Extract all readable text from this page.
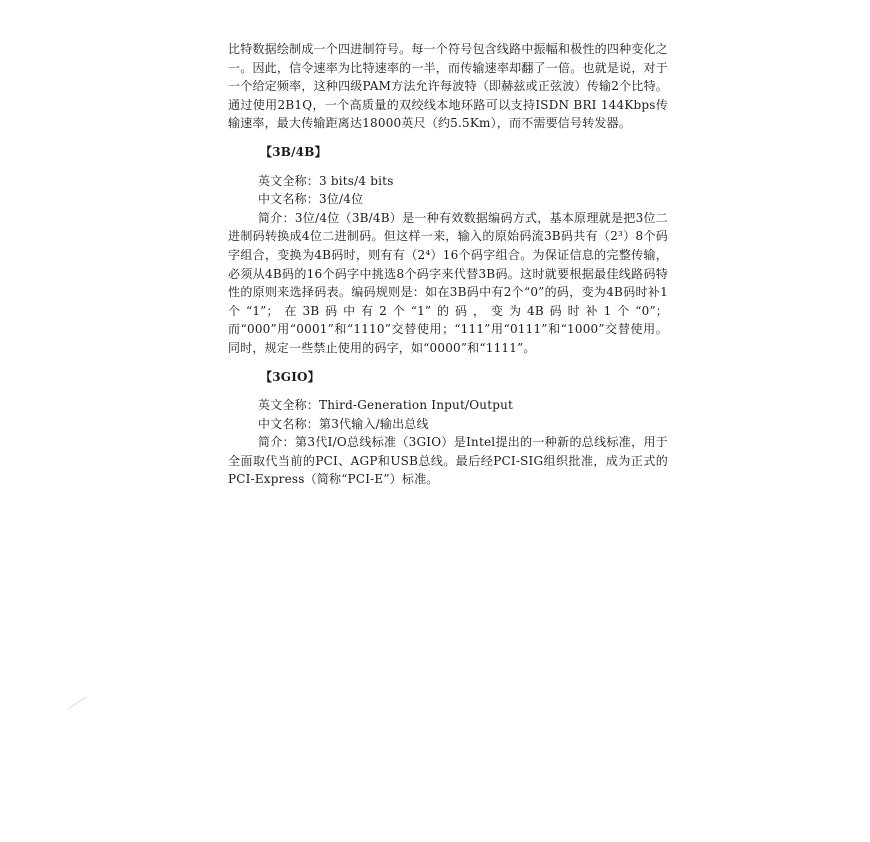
比特数据绘制成一个四进制符号。每一个符号包含线路中振幅和极性的四种变化之一。因此，信令速率为比特速率的一半，而传输速率却翻了一倍。也就是说，对于一个给定频率，这种四级PAM方法允许每波特（即赫兹或正弦波）传输2个比特。通过使用2B1Q，一个高质量的双绞线本地环路可以支持ISDN BRI 144Kbps传输速率，最大传输距离达18000英尺（约5.5Km），而不需要信号转发器。

【3B/4B】

英文全称：3 bits/4 bits

中文名称：3位/4位

简介：3位/4位（3B/4B）是一种有效数据编码方式，基本原理就是把3位二进制码转换成4位二进制码。但这样一来，输入的原始码流3B码共有（2³）8个码字组合，变换为4B码时，则有有（2⁴）16个码字组合。为保证信息的完整传输，必须从4B码的16个码字中挑选8个码字来代替3B码。这时就要根据最佳线路码特性的原则来选择码表。编码规则是：如在3B码中有2个“0”的码，变为4B码时补1个“1”；在3B码中有2个“1”的码，变为4B码时补1个“0”；而“000”用“0001”和“1110”交替使用；“111”用“0111”和“1000”交替使用。同时，规定一些禁止使用的码字，如“0000”和“1111”。

【3GIO】

英文全称：Third-Generation Input/Output

中文名称：第3代输入/输出总线

简介：第3代I/O总线标准（3GIO）是Intel提出的一种新的总线标准，用于全面取代当前的PCI、AGP和USB总线。最后经PCI-SIG组织批准，成为正式的PCI-Express（简称“PCI-E”）标准。
